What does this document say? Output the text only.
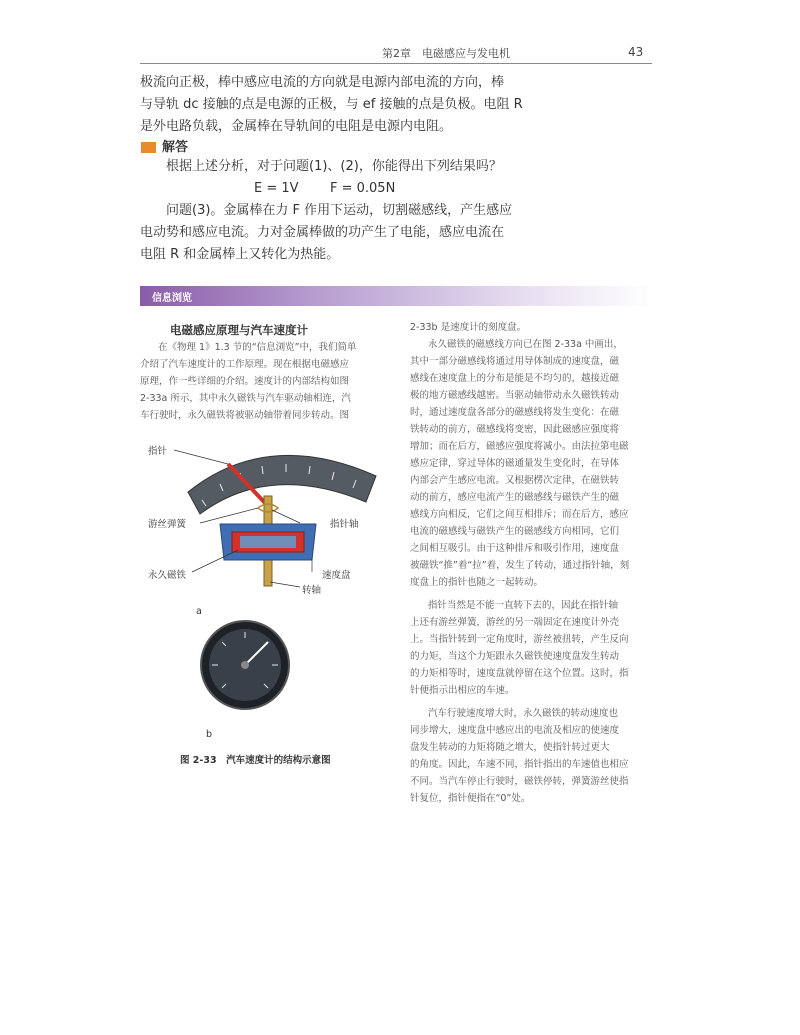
第2章　电磁感应与发电机	43
极流向正极，棒中感应电流的方向就是电源内部电流的方向，棒
与导轨 dc 接触的点是电源的正极，与 ef 接触的点是负极。电阻 R
是外电路负载，金属棒在导轨间的电阻是电源内电阻。
解答
根据上述分析，对于问题(1)、(2)，你能得出下列结果吗？
E = 1V F = 0.05N
问题(3)。金属棒在力 F 作用下运动，切割磁感线，产生感应
电动势和感应电流。力对金属棒做的功产生了电能，感应电流在
电阻 R 和金属棒上又转化为热能。
信息浏览
电磁感应原理与汽车速度计
在《物理 1》1.3 节的“信息浏览”中，我们简单
介绍了汽车速度计的工作原理。现在根据电磁感应
原理，作一些详细的介绍。速度计的内部结构如图
2-33a 所示，其中永久磁铁与汽车驱动轴相连，汽
车行驶时，永久磁铁将被驱动轴带着同步转动。图
2-33b 是速度计的刻度盘。
永久磁铁的磁感线方向已在图 2-33a 中画出，
其中一部分磁感线将通过用导体制成的速度盘，磁
感线在速度盘上的分布是能是不均匀的，越接近磁
极的地方磁感线越密。当驱动轴带动永久磁铁转动
时，通过速度盘各部分的磁感线将发生变化：在磁
铁转动的前方，磁感线将变密，因此磁感应强度将
增加；而在后方，磁感应强度将减小。由法拉第电磁
感应定律，穿过导体的磁通量发生变化时，在导体
内部会产生感应电流。又根据楞次定律，在磁铁转
动的前方，感应电流产生的磁感线与磁铁产生的磁
感线方向相反，它们之间互相排斥；而在后方，感应
电流的磁感线与磁铁产生的磁感线方向相同，它们
之间相互吸引。由于这种排斥和吸引作用，速度盘
被磁铁“推”着“拉”着，发生了转动，通过指针轴，刻
度盘上的指针也随之一起转动。
指针当然是不能一直转下去的，因此在指针轴
上还有游丝弹簧，游丝的另一端固定在速度计外壳
上。当指针转到一定角度时，游丝被扭转，产生反向
的力矩，当这个力矩跟永久磁铁使速度盘发生转动
的力矩相等时，速度盘就停留在这个位置。这时，指
针便指示出相应的车速。
汽车行驶速度增大时，永久磁铁的转动速度也
同步增大，速度盘中感应出的电流及相应的使速度
盘发生转动的力矩将随之增大，使指针转过更大
的角度。因此，车速不同，指针指出的车速值也相应
不同。当汽车停止行驶时，磁铁停转，弹簧游丝使指
针复位，指针便指在“0”处。
指针
游丝弹簧	指针轴
永久磁铁	速度盘
转轴
a
b
图 2-33　汽车速度计的结构示意图
